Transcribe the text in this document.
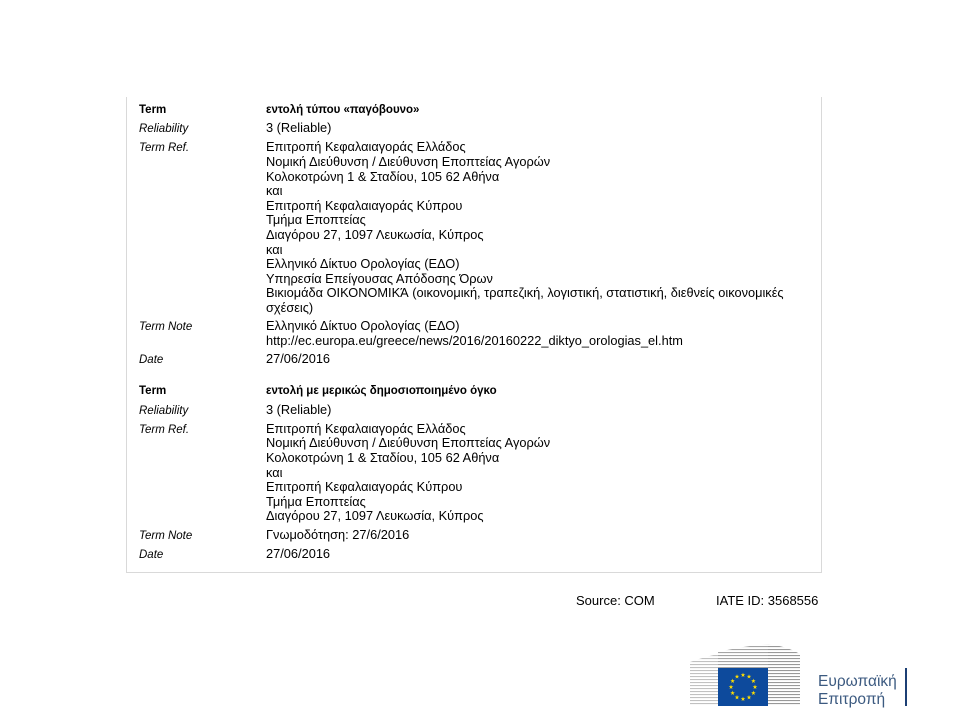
Term	εντολή τύπου «παγόβουνο»
Reliability	3 (Reliable)
Term Ref.	Επιτροπή Κεφαλαιαγοράς Ελλάδος
Νομική Διεύθυνση / Διεύθυνση Εποπτείας Αγορών
Κολοκοτρώνη 1 & Σταδίου, 105 62 Αθήνα
και
Επιτροπή Κεφαλαιαγοράς Κύπρου
Τμήμα Εποπτείας
Διαγόρου 27, 1097 Λευκωσία, Κύπρος
και
Ελληνικό Δίκτυο Ορολογίας (ΕΔΟ)
Υπηρεσία Επείγουσας Απόδοσης Όρων
Βικιομάδα ΟΙΚΟΝΟΜΙΚΆ (οικονομική, τραπεζική, λογιστική, στατιστική, διεθνείς οικονομικές
σχέσεις)
Term Note	Ελληνικό Δίκτυο Ορολογίας (ΕΔΟ)
http://ec.europa.eu/greece/news/2016/20160222_diktyo_orologias_el.htm
Date	27/06/2016
Term	εντολή με μερικώς δημοσιοποιημένο όγκο
Reliability	3 (Reliable)
Term Ref.	Επιτροπή Κεφαλαιαγοράς Ελλάδος
Νομική Διεύθυνση / Διεύθυνση Εποπτείας Αγορών
Κολοκοτρώνη 1 & Σταδίου, 105 62 Αθήνα
και
Επιτροπή Κεφαλαιαγοράς Κύπρου
Τμήμα Εποπτείας
Διαγόρου 27, 1097 Λευκωσία, Κύπρος
Term Note	Γνωμοδότηση: 27/6/2016
Date	27/06/2016
Source: COM	IATE ID: 3568556
Ευρωπαϊκή
Επιτροπή
